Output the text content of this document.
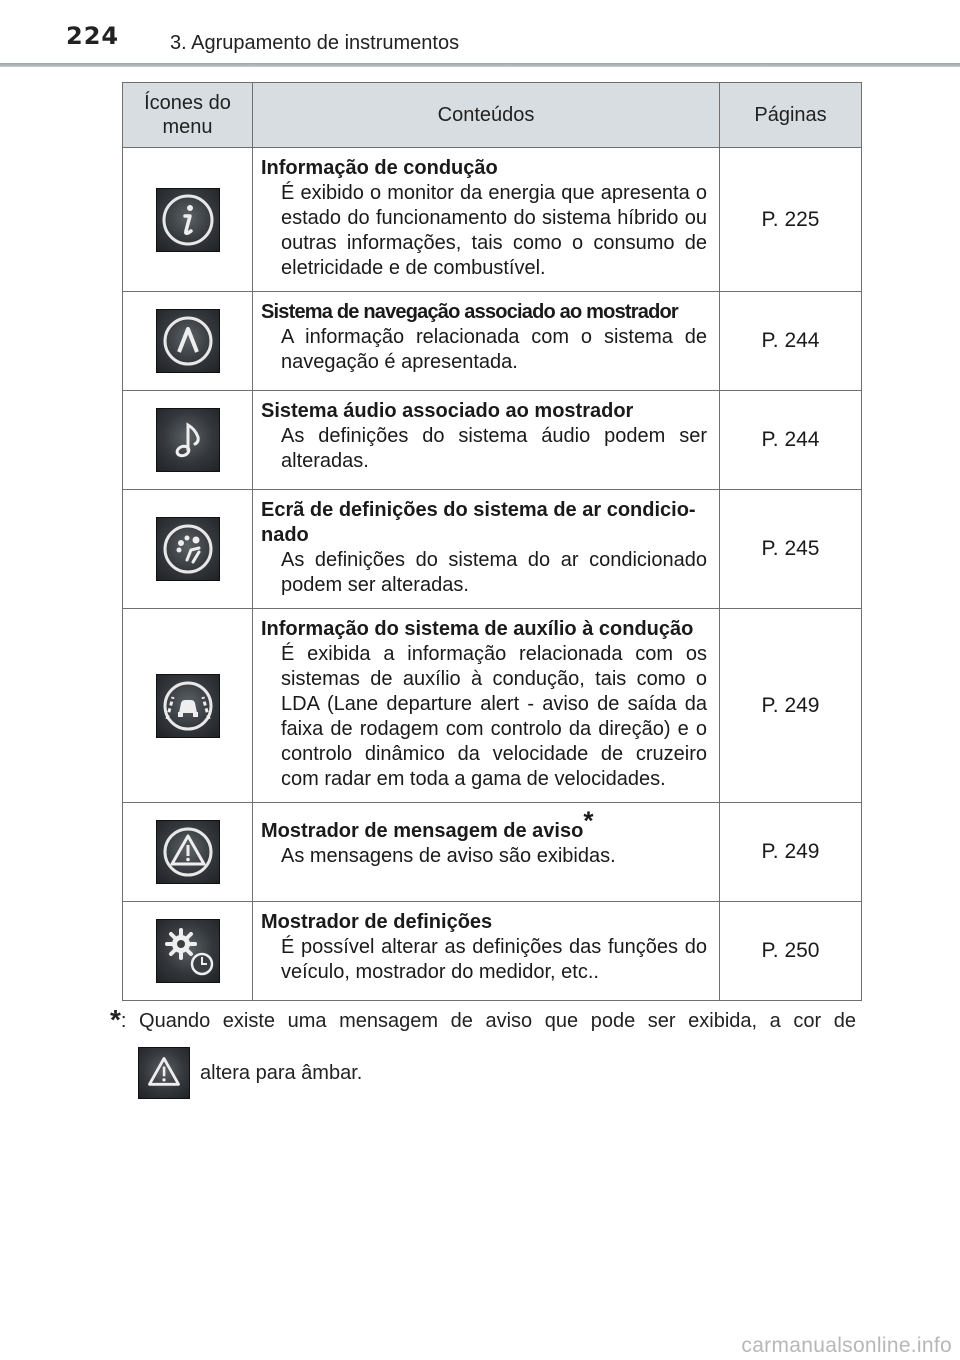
224	3. Agrupamento de instrumentos
Ícones do menu	Conteúdos	Páginas

Informação de condução
É exibido o monitor da energia que apresenta o estado do funcionamento do sistema híbrido ou outras informações, tais como o consumo de eletricidade e de combustível.	P. 225

Sistema de navegação associado ao mostrador
A informação relacionada com o sistema de navegação é apresentada.	P. 244

Sistema áudio associado ao mostrador
As definições do sistema áudio podem ser alteradas.	P. 244

Ecrã de definições do sistema de ar condicio-nado
As definições do sistema do ar condicionado podem ser alteradas.	P. 245

Informação do sistema de auxílio à condução
É exibida a informação relacionada com os sistemas de auxílio à condução, tais como o LDA (Lane departure alert - aviso de saída da faixa de rodagem com controlo da direção) e o controlo dinâmico da velocidade de cruzeiro com radar em toda a gama de velocidades.	P. 249

Mostrador de mensagem de aviso*
As mensagens de aviso são exibidas.	P. 249

Mostrador de definições
É possível alterar as definições das funções do veículo, mostrador do medidor, etc..	P. 250
*: Quando existe uma mensagem de aviso que pode ser exibida, a cor de
altera para âmbar.
carmanualsonline.info
